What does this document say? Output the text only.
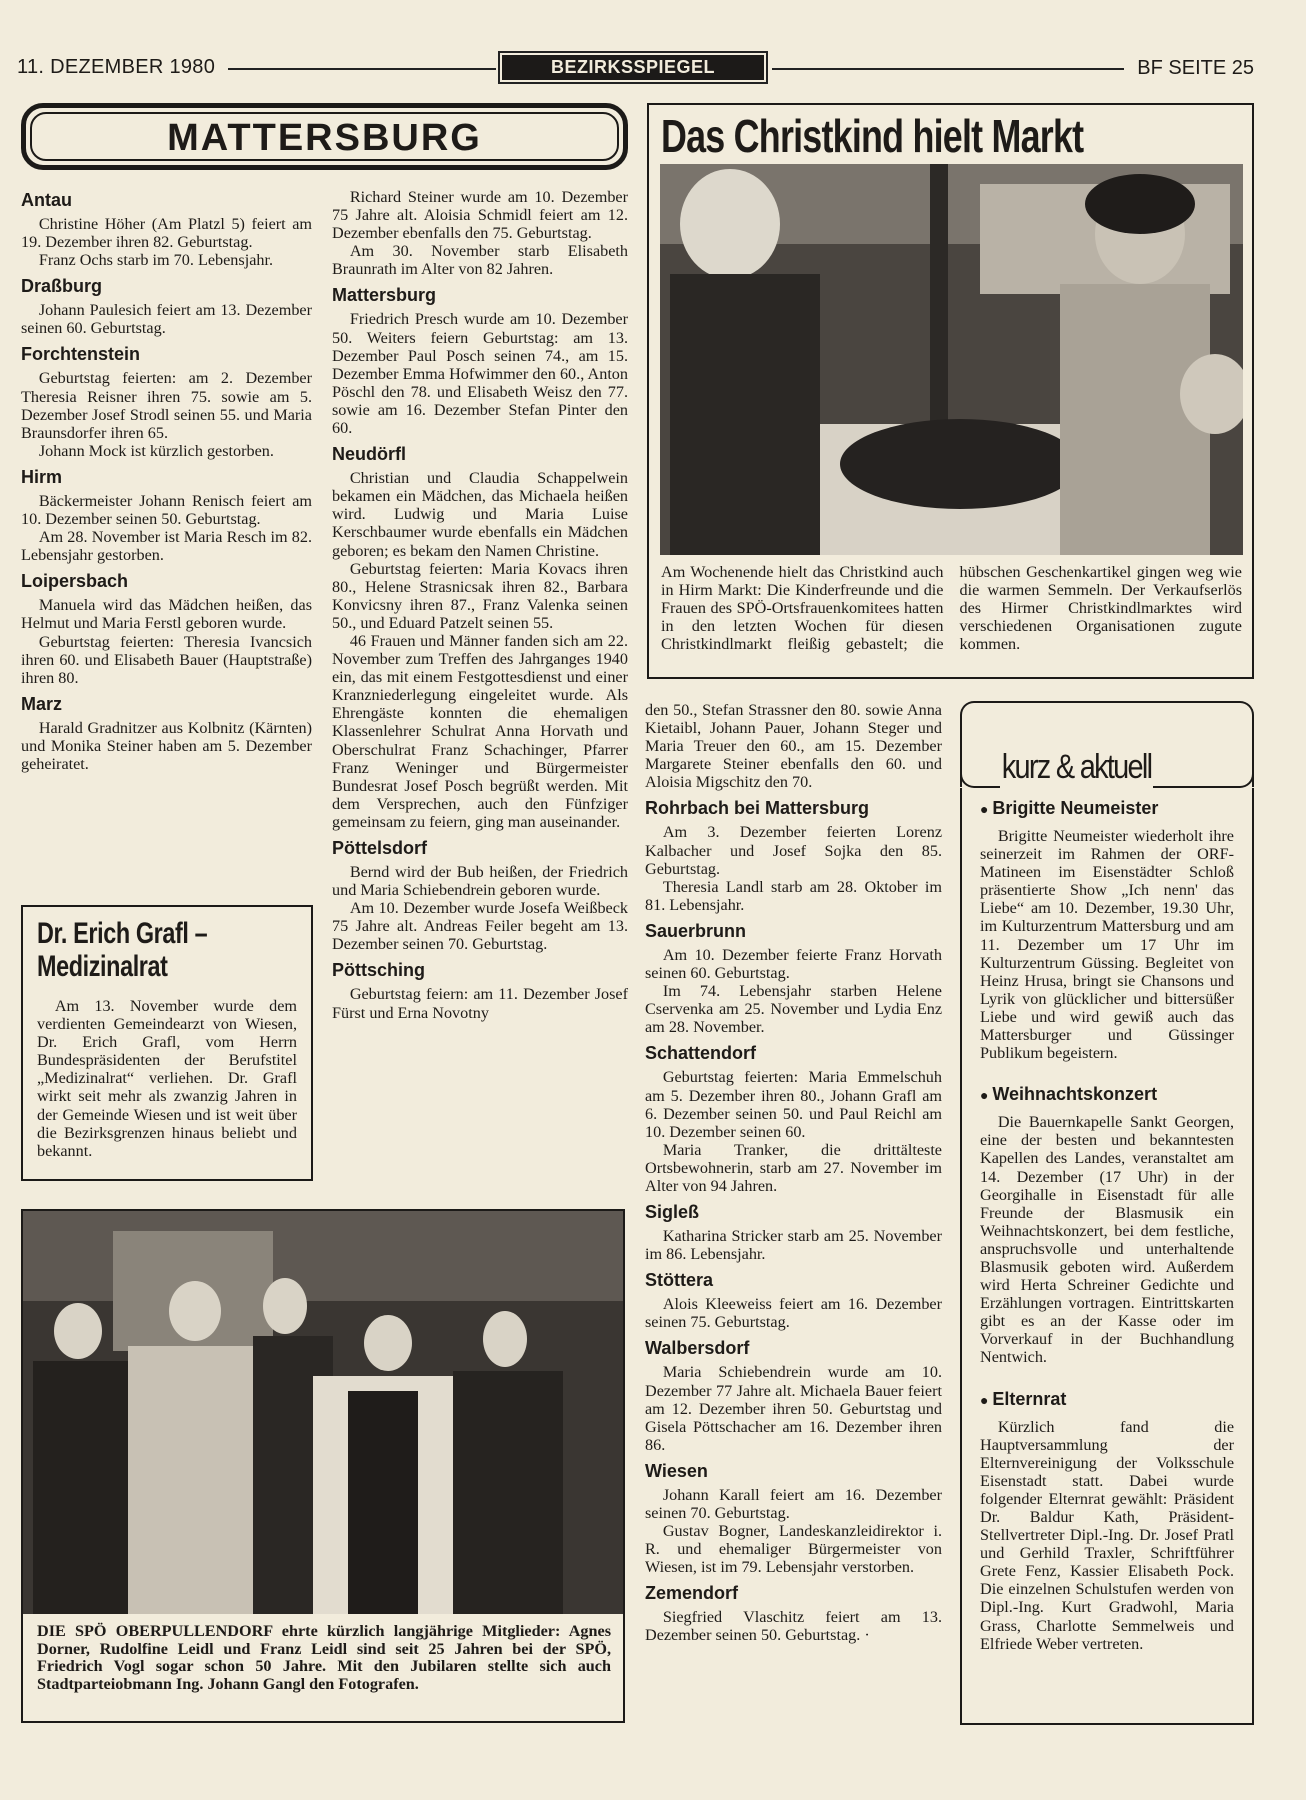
11. DEZEMBER 1980	BEZIRKSSPIEGEL	BF SEITE 25
MATTERSBURG
Antau

Christine Höher (Am Platzl 5) feiert am 19. Dezember ihren 82. Geburtstag.

Franz Ochs starb im 70. Lebensjahr.

Draßburg

Johann Paulesich feiert am 13. Dezember seinen 60. Geburtstag.

Forchtenstein

Geburtstag feierten: am 2. Dezember Theresia Reisner ihren 75. sowie am 5. Dezember Josef Strodl seinen 55. und Maria Braunsdorfer ihren 65.

Johann Mock ist kürzlich gestorben.

Hirm

Bäckermeister Johann Renisch feiert am 10. Dezember seinen 50. Geburtstag.

Am 28. November ist Maria Resch im 82. Lebensjahr gestorben.

Loipersbach

Manuela wird das Mädchen heißen, das Helmut und Maria Ferstl geboren wurde.

Geburtstag feierten: Theresia Ivancsich ihren 60. und Elisabeth Bauer (Hauptstraße) ihren 80.

Marz

Harald Gradnitzer aus Kolbnitz (Kärnten) und Monika Steiner haben am 5. Dezember geheiratet.

Dr. Erich Grafl –
Medizinalrat

Am 13. November wurde dem verdienten Gemeindearzt von Wiesen, Dr. Erich Grafl, vom Herrn Bundespräsidenten der Berufstitel „Medizinalrat“ verliehen. Dr. Grafl wirkt seit mehr als zwanzig Jahren in der Gemeinde Wiesen und ist weit über die Bezirksgrenzen hinaus beliebt und bekannt.

Richard Steiner wurde am 10. Dezember 75 Jahre alt. Aloisia Schmidl feiert am 12. Dezember ebenfalls den 75. Geburtstag.

Am 30. November starb Elisabeth Braunrath im Alter von 82 Jahren.

Mattersburg

Friedrich Presch wurde am 10. Dezember 50. Weiters feiern Geburtstag: am 13. Dezember Paul Posch seinen 74., am 15. Dezember Emma Hofwimmer den 60., Anton Pöschl den 78. und Elisabeth Weisz den 77. sowie am 16. Dezember Stefan Pinter den 60.

Neudörfl

Christian und Claudia Schappelwein bekamen ein Mädchen, das Michaela heißen wird. Ludwig und Maria Luise Kerschbaumer wurde ebenfalls ein Mädchen geboren; es bekam den Namen Christine.

Geburtstag feierten: Maria Kovacs ihren 80., Helene Strasnicsak ihren 82., Barbara Konvicsny ihren 87., Franz Valenka seinen 50., und Eduard Patzelt seinen 55.

46 Frauen und Männer fanden sich am 22. November zum Treffen des Jahrganges 1940 ein, das mit einem Festgottesdienst und einer Kranzniederlegung eingeleitet wurde. Als Ehrengäste konnten die ehemaligen Klassenlehrer Schulrat Anna Horvath und Oberschulrat Franz Schachinger, Pfarrer Franz Weninger und Bürgermeister Bundesrat Josef Posch begrüßt werden. Mit dem Versprechen, auch den Fünfziger gemeinsam zu feiern, ging man auseinander.

Pöttelsdorf

Bernd wird der Bub heißen, der Friedrich und Maria Schiebendrein geboren wurde.

Am 10. Dezember wurde Josefa Weißbeck 75 Jahre alt. Andreas Feiler begeht am 13. Dezember seinen 70. Geburtstag.

Pöttsching

Geburtstag feiern: am 11. Dezember Josef Fürst und Erna Novotny

Das Christkind hielt Markt
Am Wochenende hielt das Christkind auch in Hirm Markt: Die Kinderfreunde und die Frauen des SPÖ-Ortsfrauenkomitees hatten in den letzten Wochen für diesen Christkindlmarkt fleißig gebastelt; die hübschen Geschenkartikel gingen weg wie die warmen Semmeln. Der Verkaufserlös des Hirmer Christkindlmarktes wird verschiedenen Organisationen zugute kommen.

den 50., Stefan Strassner den 80. sowie Anna Kietaibl, Johann Pauer, Johann Steger und Maria Treuer den 60., am 15. Dezember Margarete Steiner ebenfalls den 60. und Aloisia Migschitz den 70.

Rohrbach bei Mattersburg

Am 3. Dezember feierten Lorenz Kalbacher und Josef Sojka den 85. Geburtstag.

Theresia Landl starb am 28. Oktober im 81. Lebensjahr.

Sauerbrunn

Am 10. Dezember feierte Franz Horvath seinen 60. Geburtstag.

Im 74. Lebensjahr starben Helene Cservenka am 25. November und Lydia Enz am 28. November.

Schattendorf

Geburtstag feierten: Maria Emmelschuh am 5. Dezember ihren 80., Johann Grafl am 6. Dezember seinen 50. und Paul Reichl am 10. Dezember seinen 60.

Maria Tranker, die drittälteste Ortsbewohnerin, starb am 27. November im Alter von 94 Jahren.

Sigleß

Katharina Stricker starb am 25. November im 86. Lebensjahr.

Stöttera

Alois Kleeweiss feiert am 16. Dezember seinen 75. Geburtstag.

Walbersdorf

Maria Schiebendrein wurde am 10. Dezember 77 Jahre alt. Michaela Bauer feiert am 12. Dezember ihren 50. Geburtstag und Gisela Pöttschacher am 16. Dezember ihren 86.

Wiesen

Johann Karall feiert am 16. Dezember seinen 70. Geburtstag.

Gustav Bogner, Landeskanzleidirektor i. R. und ehemaliger Bürgermeister von Wiesen, ist im 79. Lebensjahr verstorben.

Zemendorf

Siegfried Vlaschitz feiert am 13. Dezember seinen 50. Geburtstag. ·

kurz & aktuell
● Brigitte Neumeister

Brigitte Neumeister wiederholt ihre seinerzeit im Rahmen der ORF-Matineen im Eisenstädter Schloß präsentierte Show „Ich nenn' das Liebe“ am 10. Dezember, 19.30 Uhr, im Kulturzentrum Mattersburg und am 11. Dezember um 17 Uhr im Kulturzentrum Güssing. Begleitet von Heinz Hrusa, bringt sie Chansons und Lyrik von glücklicher und bittersüßer Liebe und wird gewiß auch das Mattersburger und Güssinger Publikum begeistern.

● Weihnachtskonzert

Die Bauernkapelle Sankt Georgen, eine der besten und bekanntesten Kapellen des Landes, veranstaltet am 14. Dezember (17 Uhr) in der Georgihalle in Eisenstadt für alle Freunde der Blasmusik ein Weihnachtskonzert, bei dem festliche, anspruchsvolle und unterhaltende Blasmusik geboten wird. Außerdem wird Herta Schreiner Gedichte und Erzählungen vortragen. Eintrittskarten gibt es an der Kasse oder im Vorverkauf in der Buchhandlung Nentwich.

● Elternrat

Kürzlich fand die Hauptversammlung der Elternvereinigung der Volksschule Eisenstadt statt. Dabei wurde folgender Elternrat gewählt: Präsident Dr. Baldur Kath, Präsident-Stellvertreter Dipl.-Ing. Dr. Josef Pratl und Gerhild Traxler, Schriftführer Grete Fenz, Kassier Elisabeth Pock. Die einzelnen Schulstufen werden von Dipl.-Ing. Kurt Gradwohl, Maria Grass, Charlotte Semmelweis und Elfriede Weber vertreten.

DIE SPÖ OBERPULLENDORF ehrte kürzlich langjährige Mitglieder: Agnes Dorner, Rudolfine Leidl und Franz Leidl sind seit 25 Jahren bei der SPÖ, Friedrich Vogl sogar schon 50 Jahre. Mit den Jubilaren stellte sich auch Stadtparteiobmann Ing. Johann Gangl den Fotografen.
